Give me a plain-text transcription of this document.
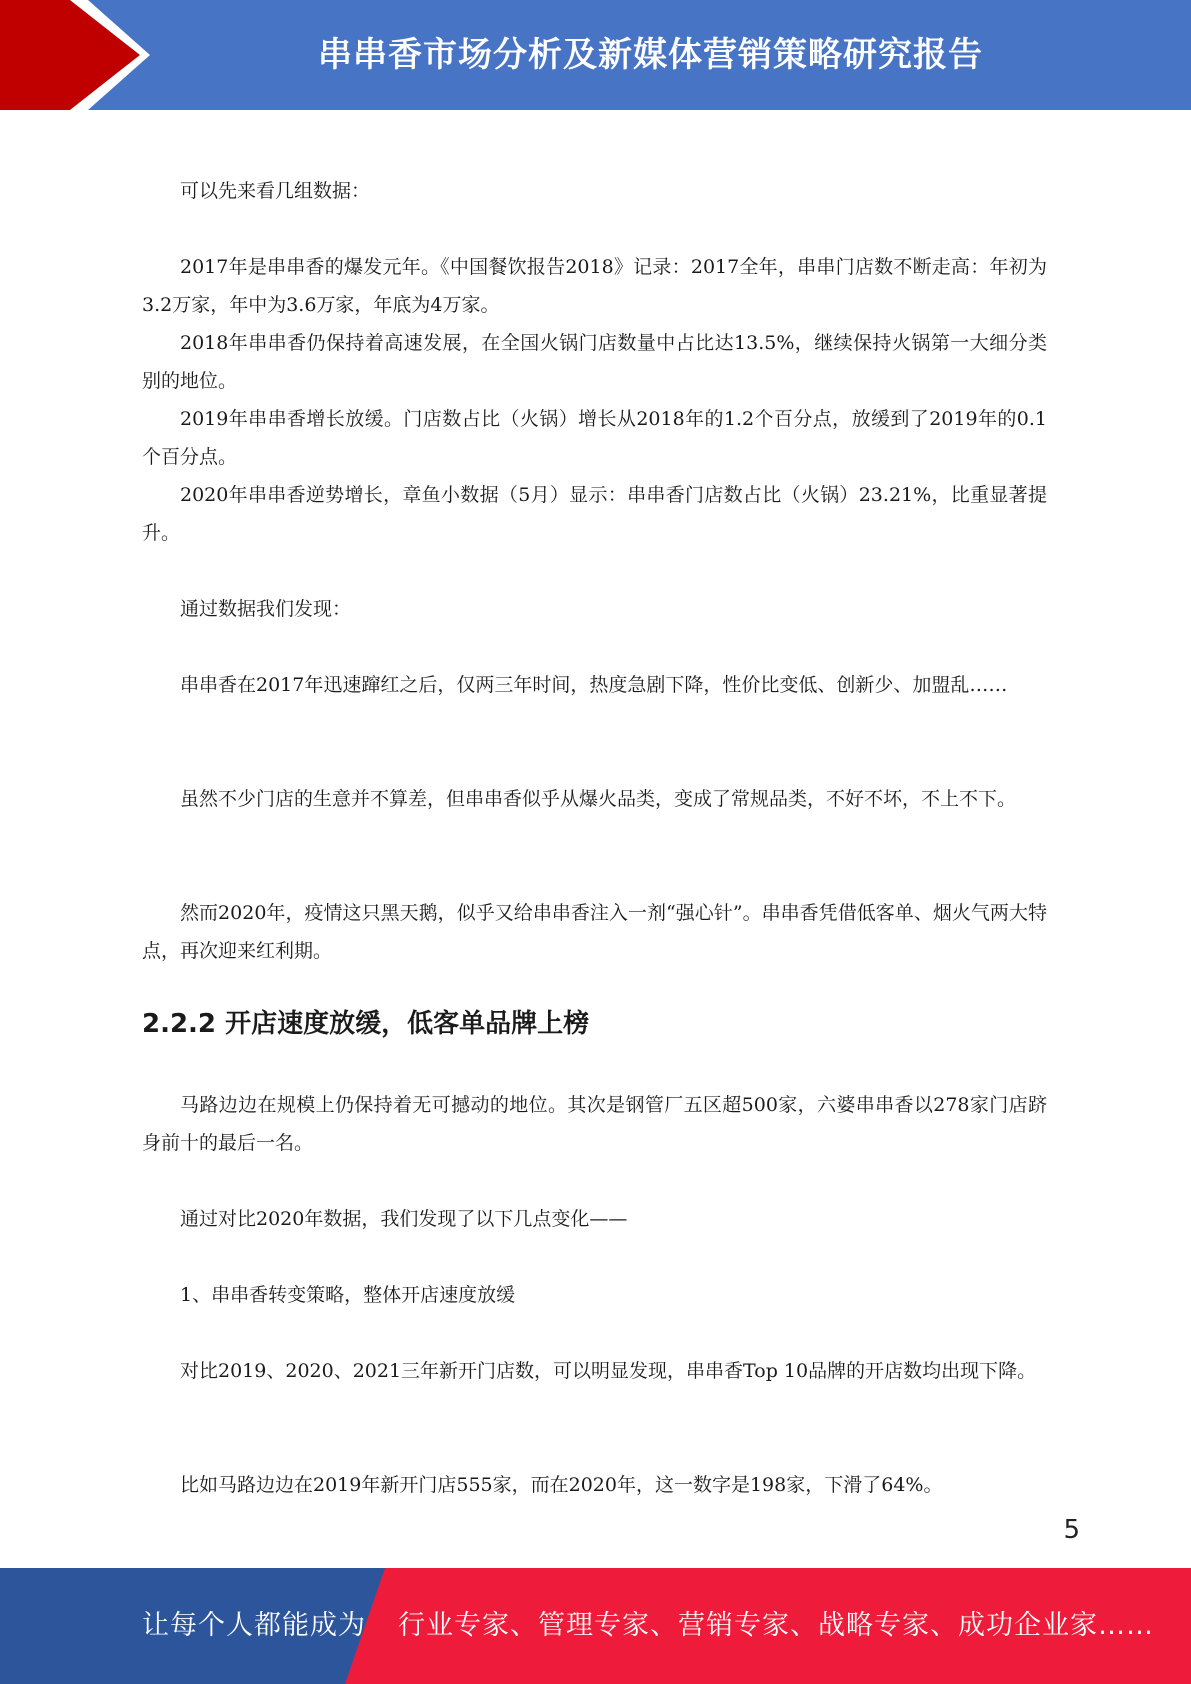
串串香市场分析及新媒体营销策略研究报告

可以先来看几组数据：

2017年是串串香的爆发元年。《中国餐饮报告2018》记录：2017全年，串串门店数不断走高：年初为3.2万家，年中为3.6万家，年底为4万家。

2018年串串香仍保持着高速发展，在全国火锅门店数量中占比达13.5%，继续保持火锅第一大细分类别的地位。

2019年串串香增长放缓。门店数占比（火锅）增长从2018年的1.2个百分点，放缓到了2019年的0.1个百分点。

2020年串串香逆势增长，章鱼小数据（5月）显示：串串香门店数占比（火锅）23.21%，比重显著提升。

通过数据我们发现：

串串香在2017年迅速蹿红之后，仅两三年时间，热度急剧下降，性价比变低、创新少、加盟乱……

虽然不少门店的生意并不算差，但串串香似乎从爆火品类，变成了常规品类，不好不坏，不上不下。

然而2020年，疫情这只黑天鹅，似乎又给串串香注入一剂“强心针”。串串香凭借低客单、烟火气两大特点，再次迎来红利期。

2.2.2 开店速度放缓，低客单品牌上榜

马路边边在规模上仍保持着无可撼动的地位。其次是钢管厂五区超500家，六婆串串香以278家门店跻身前十的最后一名。

通过对比2020年数据，我们发现了以下几点变化——

1、串串香转变策略，整体开店速度放缓

对比2019、2020、2021三年新开门店数，可以明显发现，串串香Top 10品牌的开店数均出现下降。

比如马路边边在2019年新开门店555家，而在2020年，这一数字是198家，下滑了64%。

5
让每个人都能成为 行业专家、管理专家、营销专家、战略专家、成功企业家……
